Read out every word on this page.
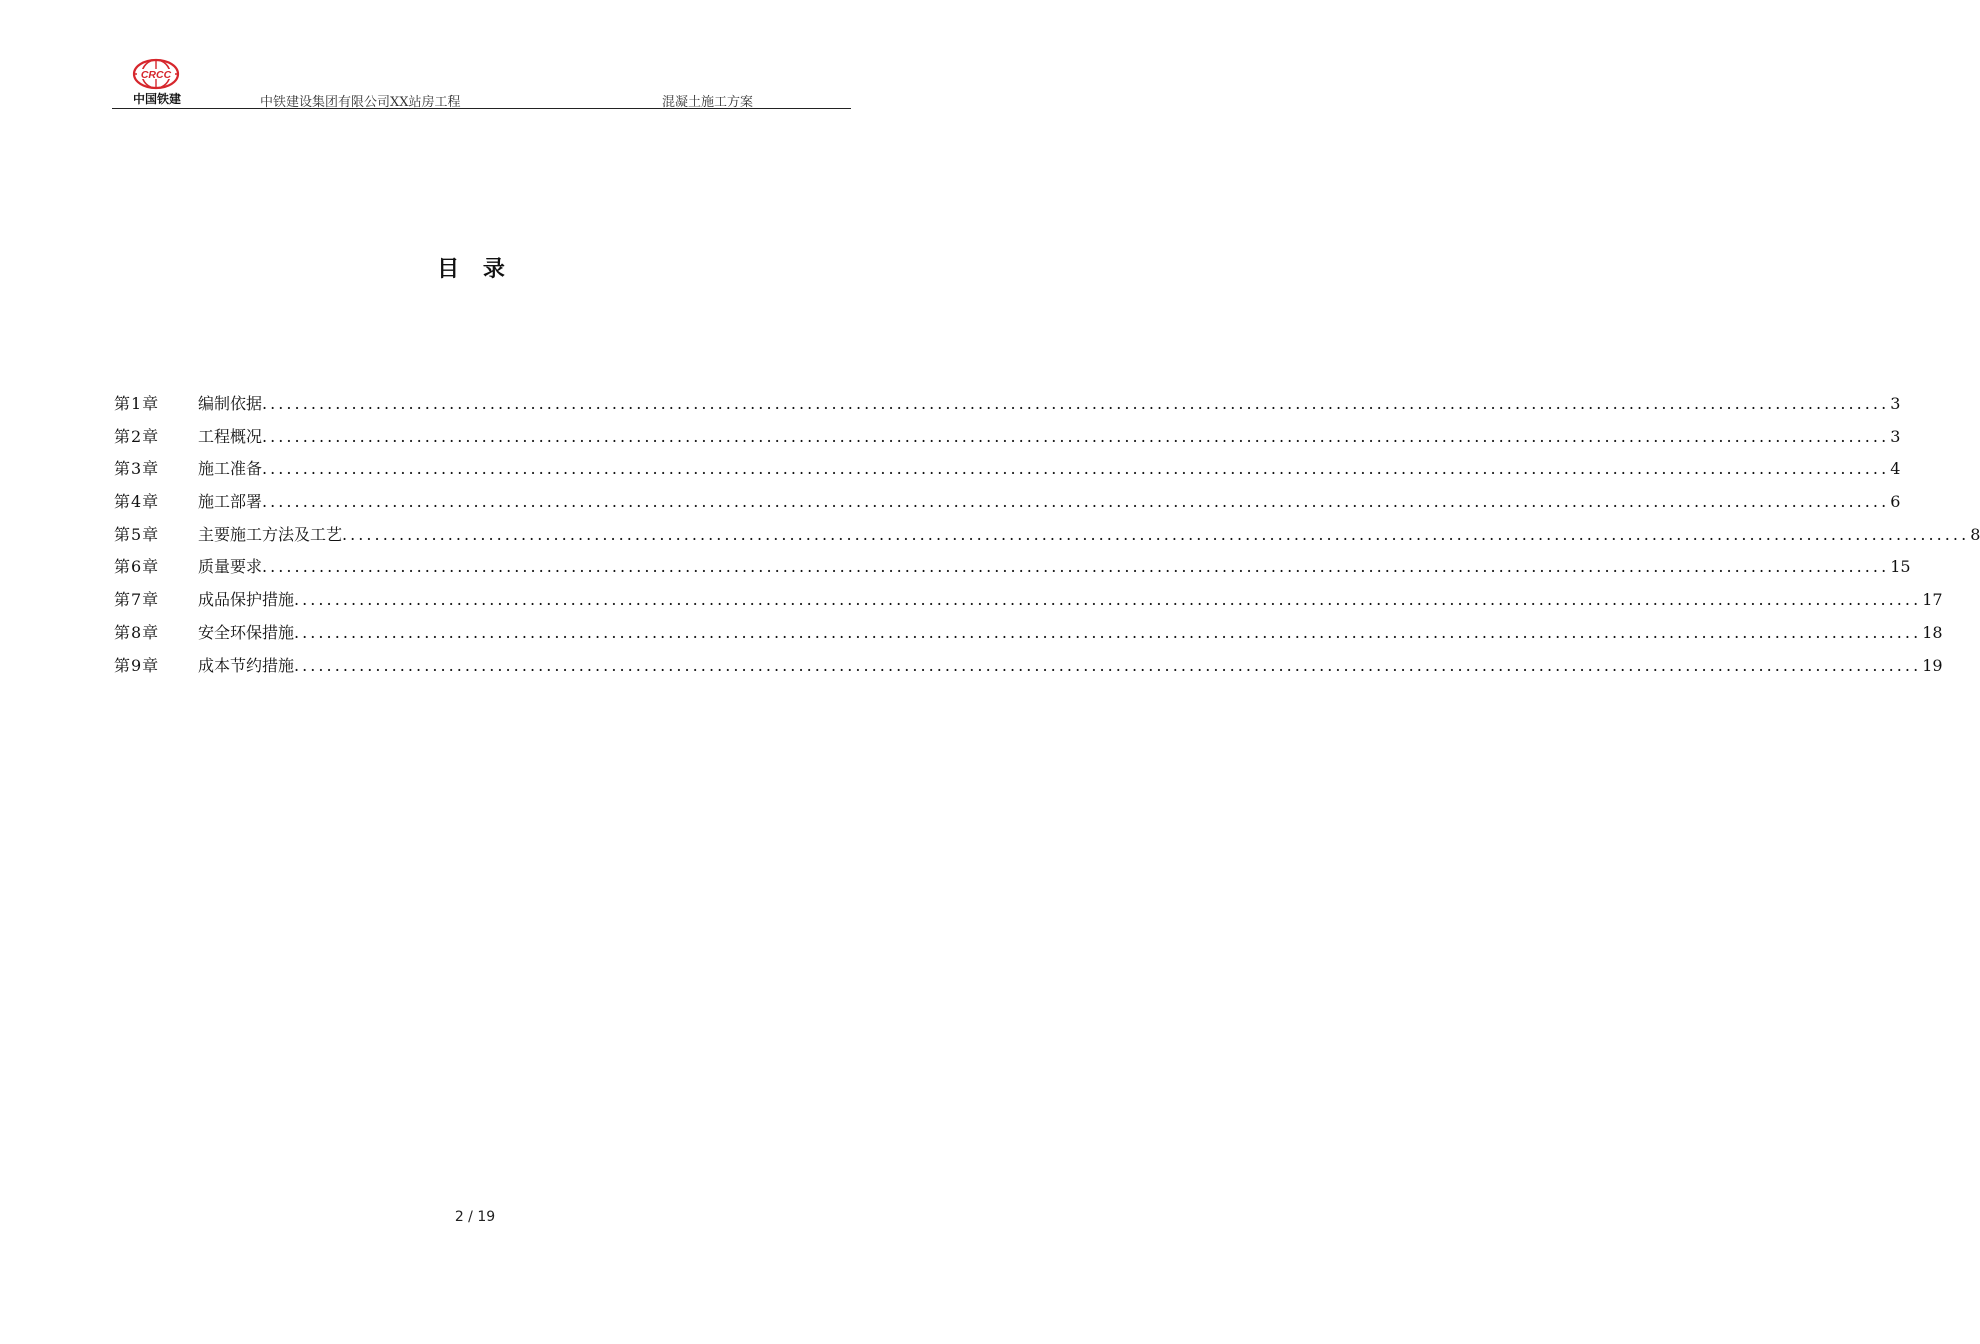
CRCC
中国铁建	中铁建设集团有限公司XX站房工程	混凝土施工方案
目 录
第1章	编制依据 ........................................................................................................................................................................................................ 3
第2章	工程概况 ........................................................................................................................................................................................................ 3
第3章	施工准备 ........................................................................................................................................................................................................ 4
第4章	施工部署 ........................................................................................................................................................................................................ 6
第5章	主要施工方法及工艺 ........................................................................................................................................................................................................ 8
第6章	质量要求 ........................................................................................................................................................................................................ 15
第7章	成品保护措施 ........................................................................................................................................................................................................ 17
第8章	安全环保措施 ........................................................................................................................................................................................................ 18
第9章	成本节约措施 ........................................................................................................................................................................................................ 19
2 / 19
